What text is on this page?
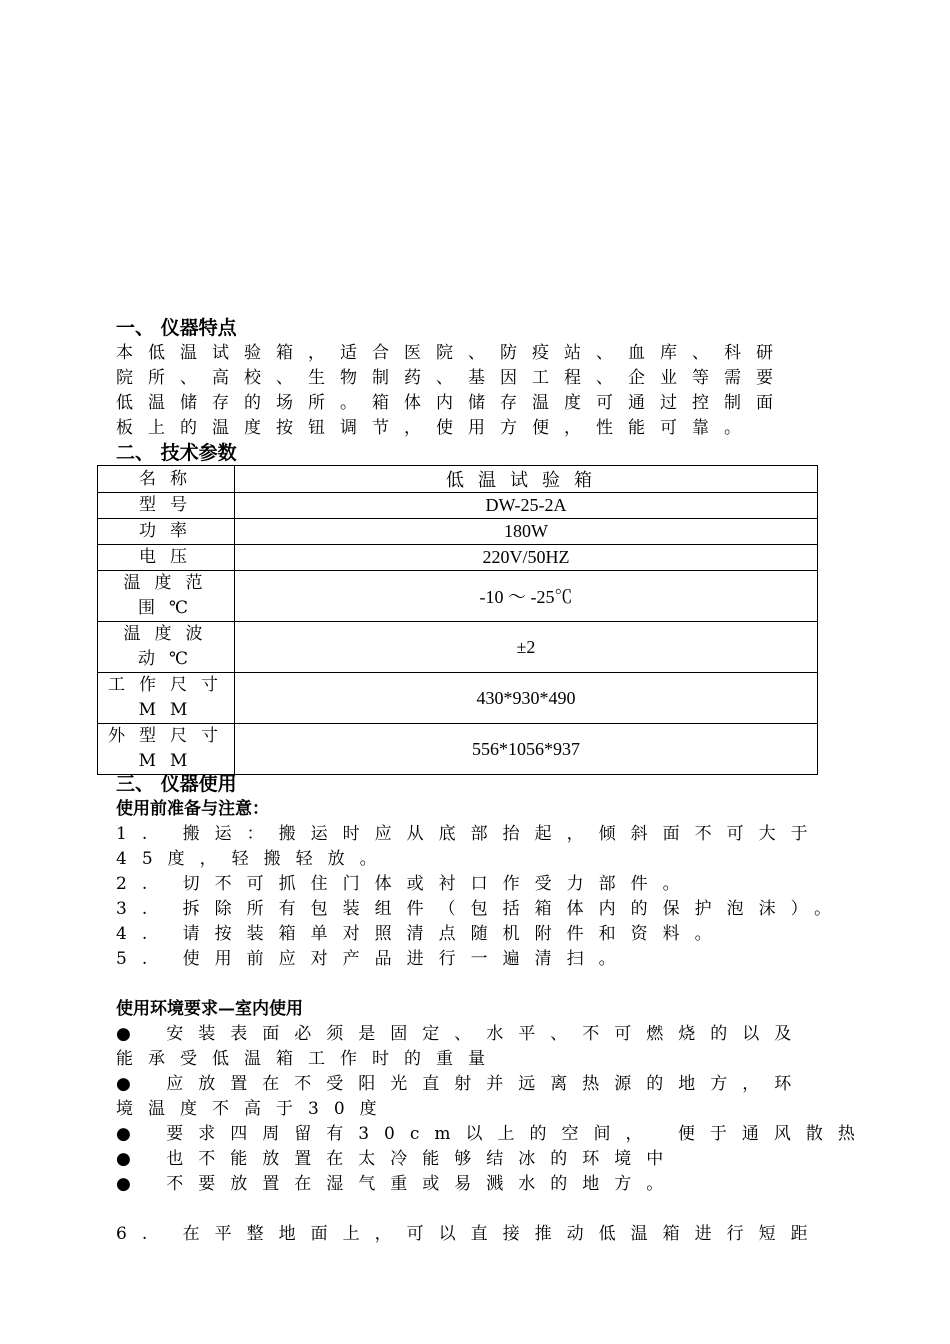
一、 仪器特点
本低温试验箱，适合医院、防疫站、血库、科研
院所、高校、生物制药、基因工程、企业等需要
低温储存的场所。箱体内储存温度可通过控制面
板上的温度按钮调节，使用方便，性能可靠。
二、 技术参数
名称	低温试验箱
型号	DW-25-2A
功率	180W
电压	220V/50HZ
温度范围℃	-10 ～ -25℃
温度波动℃	±2
工作尺寸MM	430*930*490
外型尺寸MM	556*1056*937
三、 仪器使用
使用前准备与注意：
1. 搬运：搬运时应从底部抬起，倾斜面不可大于
45度，轻搬轻放。
2. 切不可抓住门体或衬口作受力部件。
3. 拆除所有包装组件（包括箱体内的保护泡沫）。
4. 请按装箱单对照清点随机附件和资料。
5. 使用前应对产品进行一遍清扫。
使用环境要求—室内使用
● 安装表面必须是固定、水平、不可燃烧的以及
能承受低温箱工作时的重量
● 应放置在不受阳光直射并远离热源的地方，环
境温度不高于30度
● 要求四周留有30cm以上的空间， 便于通风散热
● 也不能放置在太冷能够结冰的环境中
● 不要放置在湿气重或易溅水的地方。
6. 在平整地面上，可以直接推动低温箱进行短距
